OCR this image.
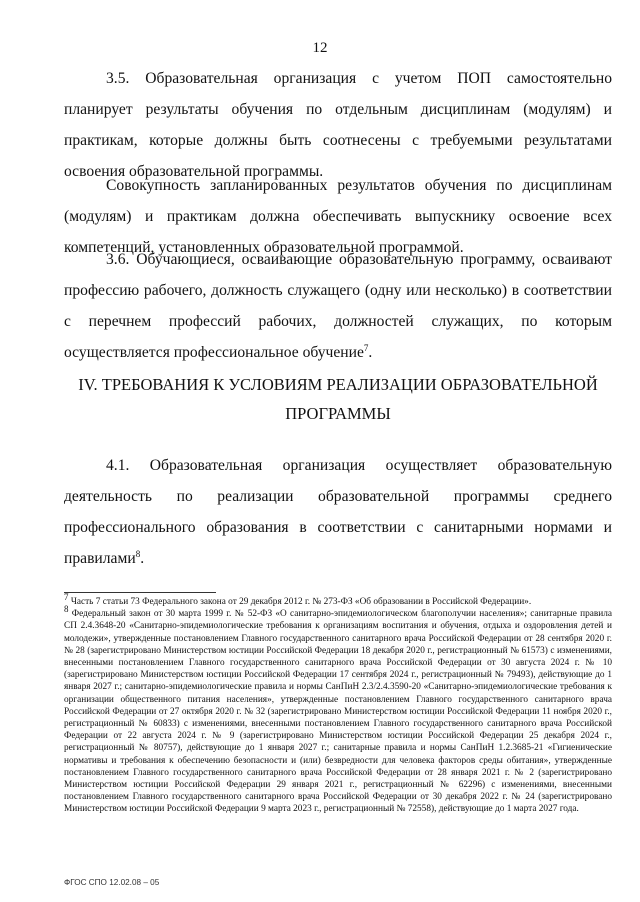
12

3.5. Образовательная организация с учетом ПОП самостоятельно планирует результаты обучения по отдельным дисциплинам (модулям) и практикам, которые должны быть соотнесены с требуемыми результатами освоения образовательной программы.

Совокупность запланированных результатов обучения по дисциплинам (модулям) и практикам должна обеспечивать выпускнику освоение всех компетенций, установленных образовательной программой.

3.6. Обучающиеся, осваивающие образовательную программу, осваивают профессию рабочего, должность служащего (одну или несколько) в соответствии с перечнем профессий рабочих, должностей служащих, по которым осуществляется профессиональное обучение$^7$.

IV. ТРЕБОВАНИЯ К УСЛОВИЯМ РЕАЛИЗАЦИИ ОБРАЗОВАТЕЛЬНОЙ
ПРОГРАММЫ

4.1. Образовательная организация осуществляет образовательную деятельность по реализации образовательной программы среднего профессионального образования в соответствии с санитарными нормами и правилами$^8$.

$^7$ Часть 7 статьи 73 Федерального закона от 29 декабря 2012 г. № 273-ФЗ «Об образовании в Российской Федерации».

$^8$ Федеральный закон от 30 марта 1999 г. № 52-ФЗ «О санитарно-эпидемиологическом благополучии населения»; санитарные правила СП 2.4.3648-20 «Санитарно-эпидемиологические требования к организациям воспитания и обучения, отдыха и оздоровления детей и молодежи», утвержденные постановлением Главного государственного санитарного врача Российской Федерации от 28 сентября 2020 г. № 28 (зарегистрировано Министерством юстиции Российской Федерации 18 декабря 2020 г., регистрационный № 61573) с изменениями, внесенными постановлением Главного государственного санитарного врача Российской Федерации от 30 августа 2024 г. № 10 (зарегистрировано Министерством юстиции Российской Федерации 17 сентября 2024 г., регистрационный № 79493), действующие до 1 января 2027 г.; санитарно-эпидемиологические правила и нормы СанПиН 2.3/2.4.3590-20 «Санитарно-эпидемиологические требования к организации общественного питания населения», утвержденные постановлением Главного государственного санитарного врача Российской Федерации от 27 октября 2020 г. № 32 (зарегистрировано Министерством юстиции Российской Федерации 11 ноября 2020 г., регистрационный № 60833) с изменениями, внесенными постановлением Главного государственного санитарного врача Российской Федерации от 22 августа 2024 г. № 9 (зарегистрировано Министерством юстиции Российской Федерации 25 декабря 2024 г., регистрационный № 80757), действующие до 1 января 2027 г.; санитарные правила и нормы СанПиН 1.2.3685-21 «Гигиенические нормативы и требования к обеспечению безопасности и (или) безвредности для человека факторов среды обитания», утвержденные постановлением Главного государственного санитарного врача Российской Федерации от 28 января 2021 г. № 2 (зарегистрировано Министерством юстиции Российской Федерации 29 января 2021 г., регистрационный № 62296) с изменениями, внесенными постановлением Главного государственного санитарного врача Российской Федерации от 30 декабря 2022 г. № 24 (зарегистрировано Министерством юстиции Российской Федерации 9 марта 2023 г., регистрационный № 72558), действующие до 1 марта 2027 года.

ФГОС СПО 12.02.08 – 05
